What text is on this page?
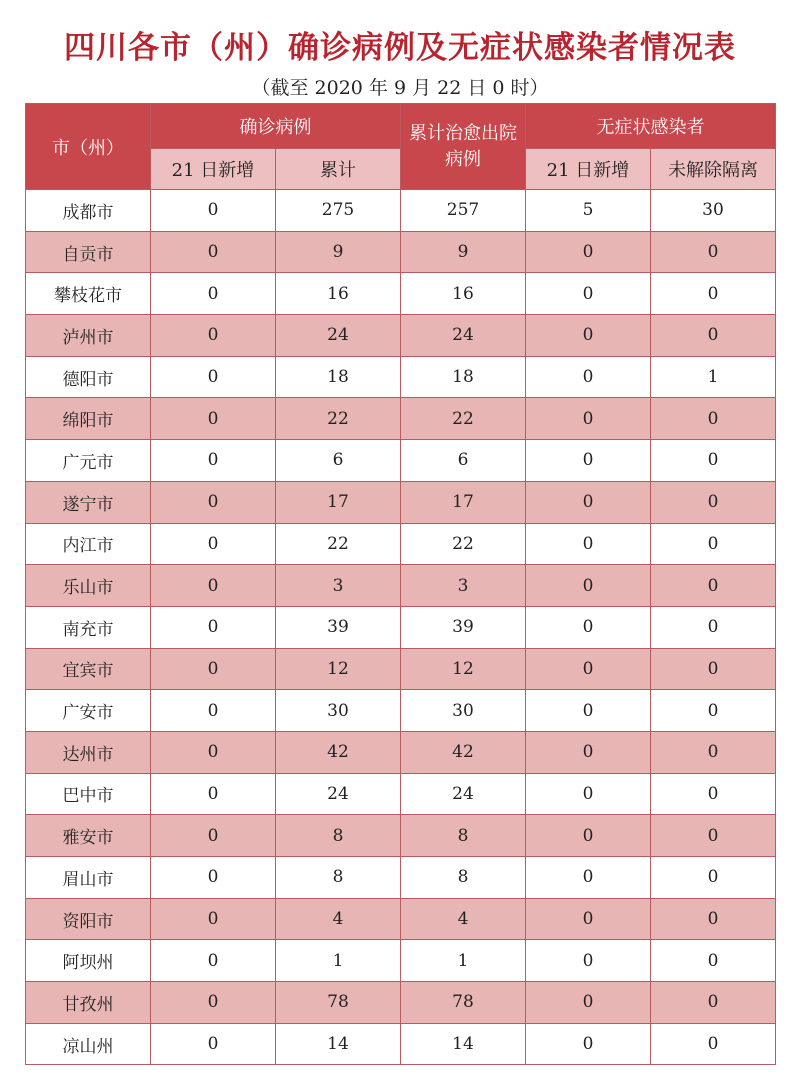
四川各市（州）确诊病例及无症状感染者情况表
（截至 2020 年 9 月 22 日 0 时）
市（州）	确诊病例		累计治愈出院病例	无症状感染者	
	21 日新增	累计		21 日新增	未解除隔离
成都市	0	275	257	5	30
自贡市	0	9	9	0	0
攀枝花市	0	16	16	0	0
泸州市	0	24	24	0	0
德阳市	0	18	18	0	1
绵阳市	0	22	22	0	0
广元市	0	6	6	0	0
遂宁市	0	17	17	0	0
内江市	0	22	22	0	0
乐山市	0	3	3	0	0
南充市	0	39	39	0	0
宜宾市	0	12	12	0	0
广安市	0	30	30	0	0
达州市	0	42	42	0	0
巴中市	0	24	24	0	0
雅安市	0	8	8	0	0
眉山市	0	8	8	0	0
资阳市	0	4	4	0	0
阿坝州	0	1	1	0	0
甘孜州	0	78	78	0	0
凉山州	0	14	14	0	0
